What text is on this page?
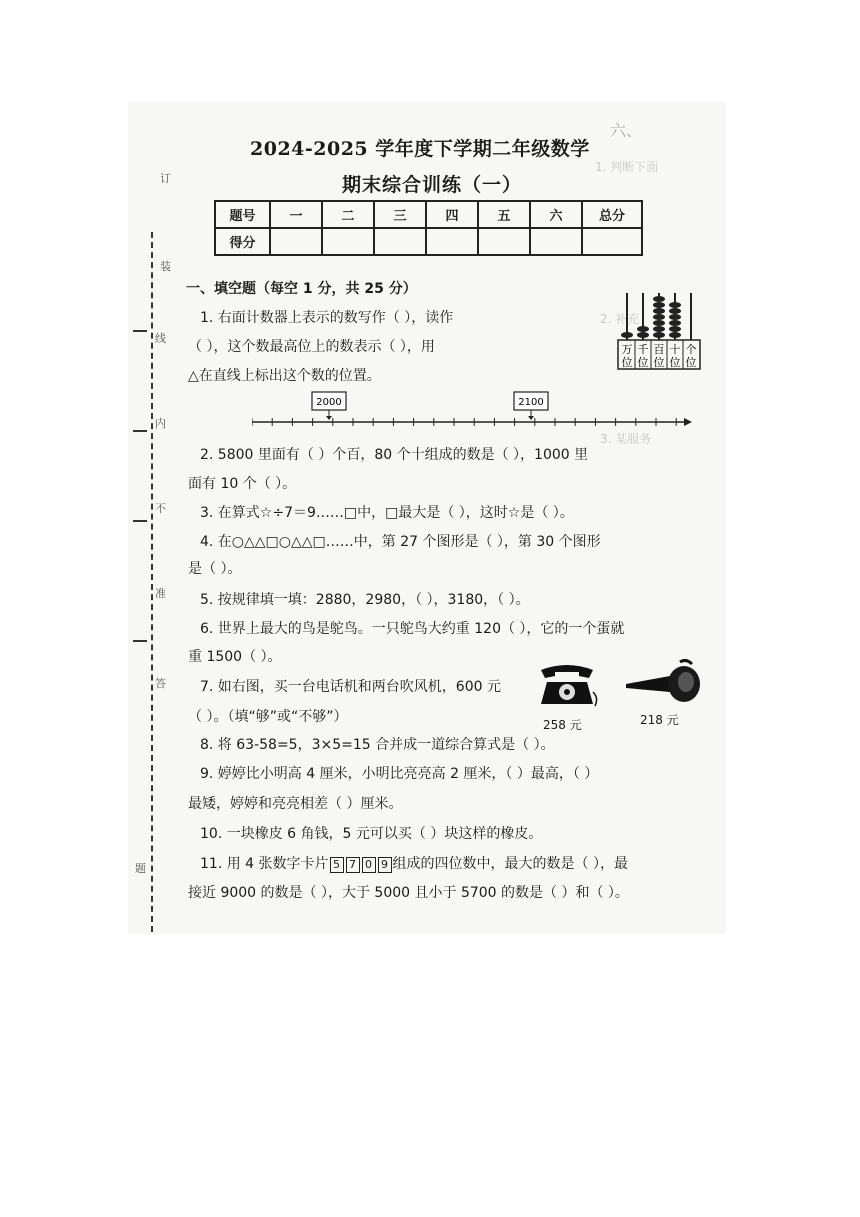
六、
1. 判断下面
2. 补充
3. 某服务
订
装
线
内
不
准
答
题
2024-2025 学年度下学期二年级数学
期末综合训练（一）
题号	一	二	三	四	五	六	总分
得分							
一、填空题（每空 1 分，共 25 分）
1. 右面计数器上表示的数写作（ ），读作
（ ），这个数最高位上的数表示（ ），用
△在直线上标出这个数的位置。
万 千 百 十 个
位 位 位 位 位
2000	2100
2. 5800 里面有（ ）个百，80 个十组成的数是（ ），1000 里
面有 10 个（ ）。
3. 在算式☆÷7＝9……□中，□最大是（ ），这时☆是（ ）。
4. 在○△△□○△△□……中，第 27 个图形是（ ），第 30 个图形
是（ ）。
5. 按规律填一填：2880，2980，（ ），3180，（ ）。
6. 世界上最大的鸟是鸵鸟。一只鸵鸟大约重 120（ ），它的一个蛋就
重 1500（ ）。
7. 如右图，买一台电话机和两台吹风机，600 元
（ ）。（填“够”或“不够”）	258 元	218 元
8. 将 63-58=5，3×5=15 合并成一道综合算式是（ ）。
9. 婷婷比小明高 4 厘米，小明比亮亮高 2 厘米，（ ）最高，（ ）
最矮，婷婷和亮亮相差（ ）厘米。
10. 一块橡皮 6 角钱，5 元可以买（ ）块这样的橡皮。
11. 用 4 张数字卡片 5 7 0 9 组成的四位数中，最大的数是（ ），最
接近 9000 的数是（ ），大于 5000 且小于 5700 的数是（ ）和（ ）。
